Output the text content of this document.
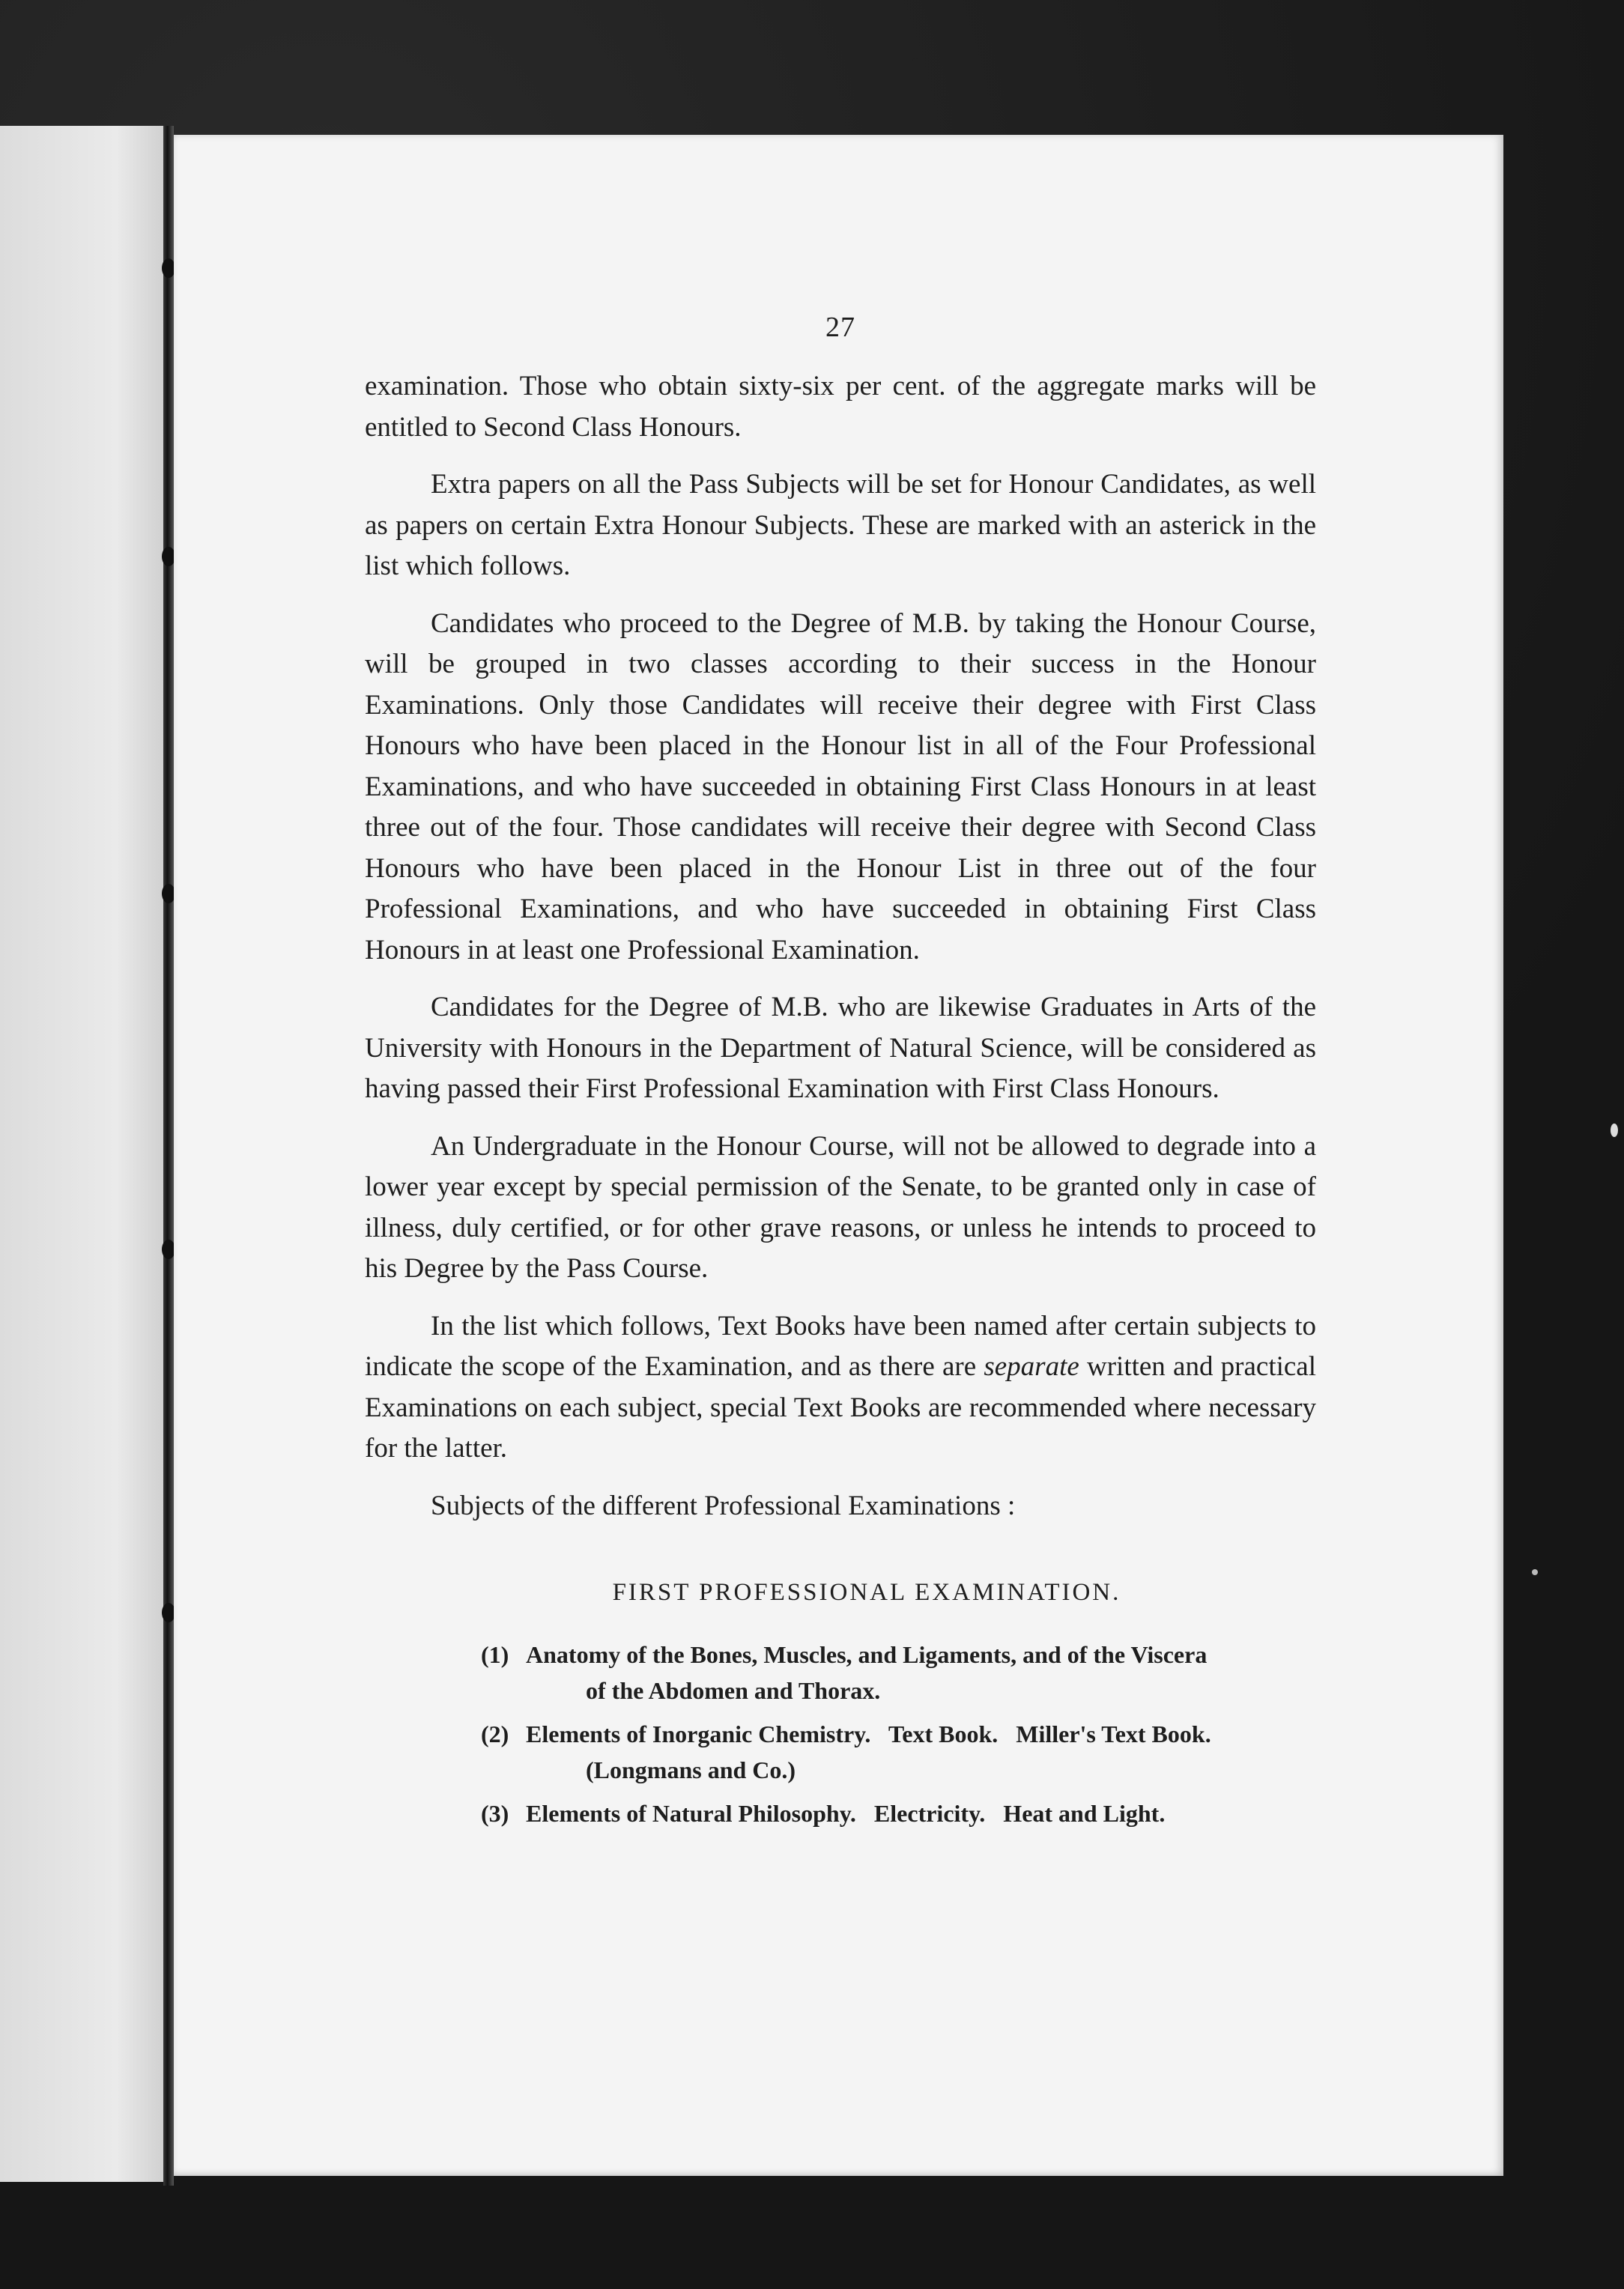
27

examination. Those who obtain sixty-six per cent. of the aggregate marks will be entitled to Second Class Honours.

Extra papers on all the Pass Subjects will be set for Honour Candidates, as well as papers on certain Extra Honour Subjects. These are marked with an asterick in the list which follows.

Candidates who proceed to the Degree of M.B. by taking the Honour Course, will be grouped in two classes according to their success in the Honour Examinations. Only those Candidates will receive their degree with First Class Honours who have been placed in the Honour list in all of the Four Professional Examinations, and who have succeeded in obtaining First Class Honours in at least three out of the four. Those candidates will receive their degree with Second Class Honours who have been placed in the Honour List in three out of the four Professional Examinations, and who have succeeded in obtaining First Class Honours in at least one Professional Examination.

Candidates for the Degree of M.B. who are likewise Graduates in Arts of the University with Honours in the Department of Natural Science, will be considered as having passed their First Professional Examination with First Class Honours.

An Undergraduate in the Honour Course, will not be allowed to degrade into a lower year except by special permission of the Senate, to be granted only in case of illness, duly certified, or for other grave reasons, or unless he intends to proceed to his Degree by the Pass Course.

In the list which follows, Text Books have been named after certain subjects to indicate the scope of the Examination, and as there are separate written and practical Examinations on each subject, special Text Books are recommended where necessary for the latter.

Subjects of the different Professional Examinations :

FIRST PROFESSIONAL EXAMINATION.
(1) Anatomy of the Bones, Muscles, and Ligaments, and of the Viscera
of the Abdomen and Thorax.
(2) Elements of Inorganic Chemistry.   Text Book.   Miller's Text Book.
(Longmans and Co.)
(3) Elements of Natural Philosophy.   Electricity.   Heat and Light.
